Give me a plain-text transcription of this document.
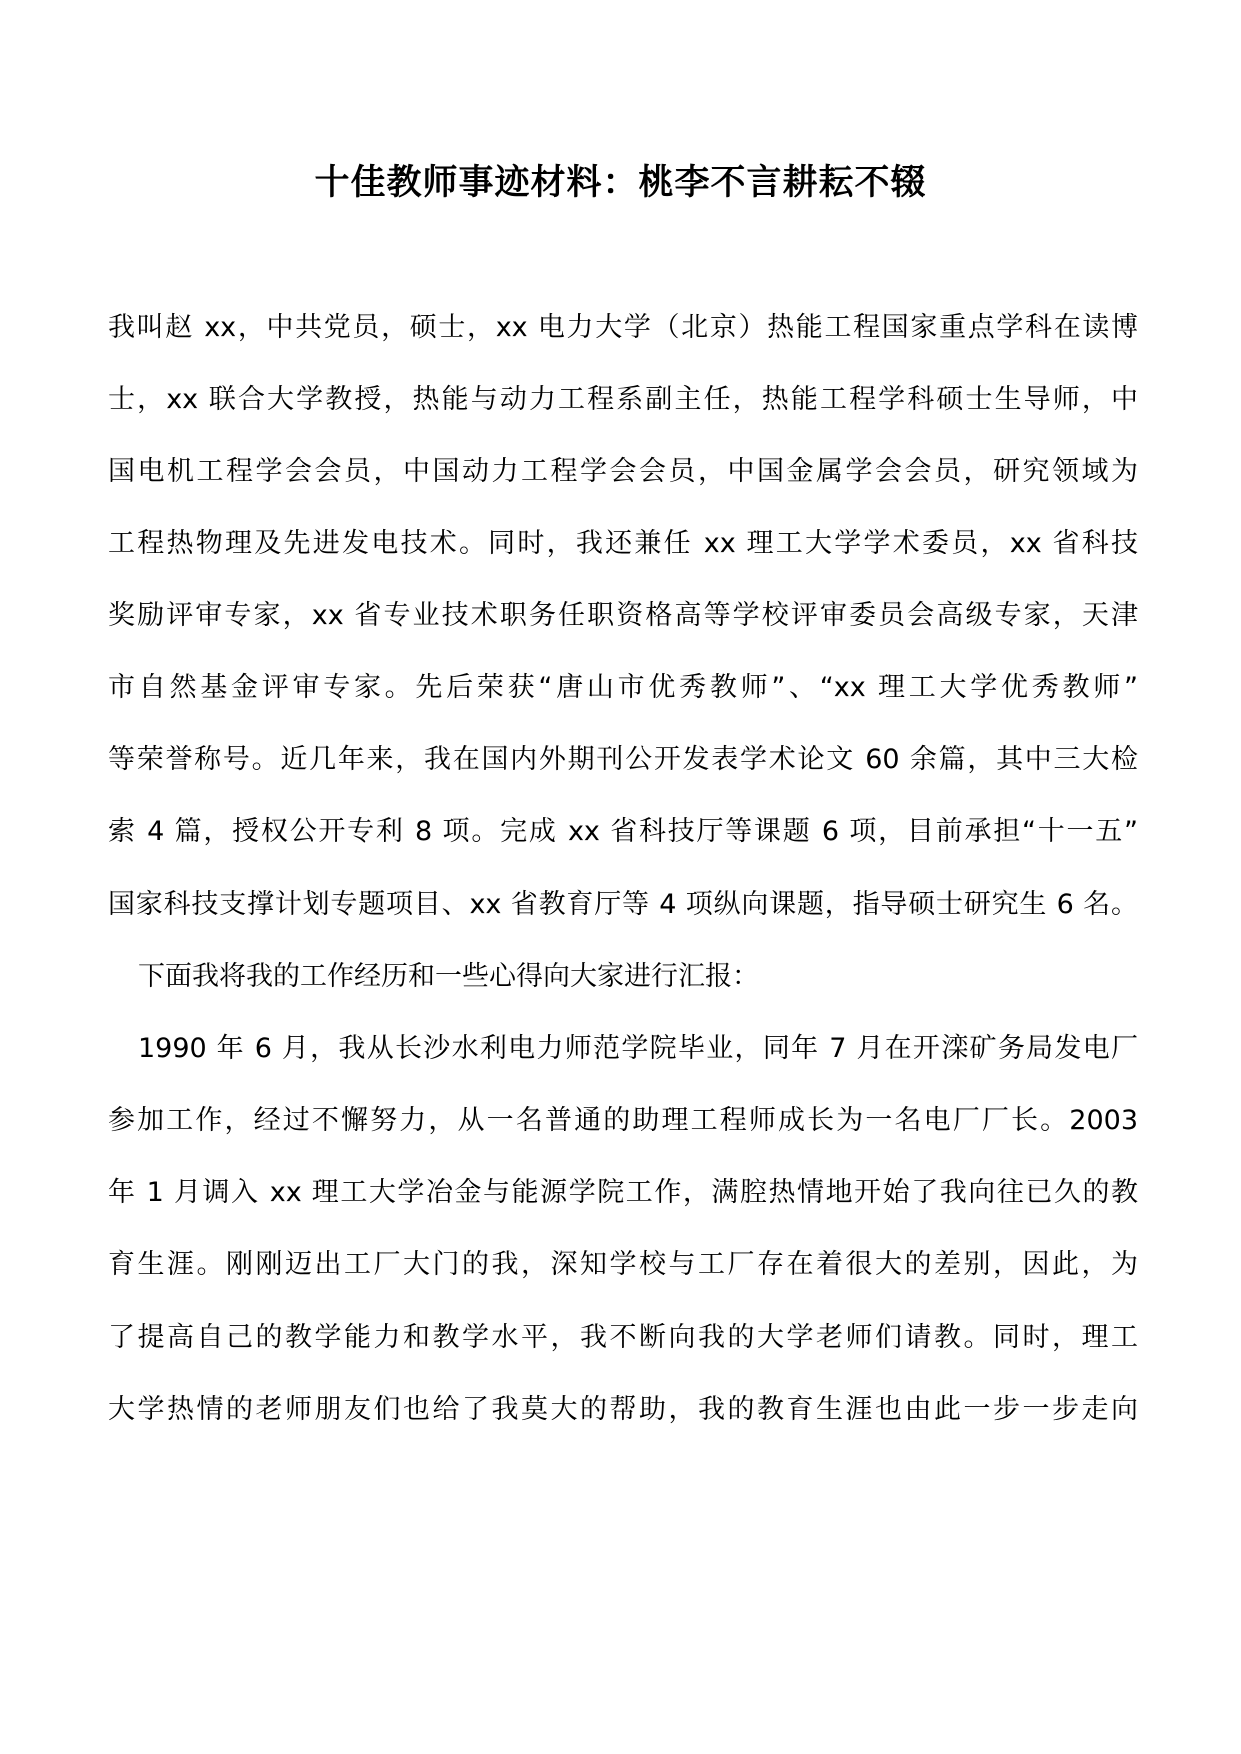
十佳教师事迹材料：桃李不言耕耘不辍
我叫赵 xx，中共党员，硕士，xx 电力大学（北京）热能工程国家重点学科在读博
士，xx 联合大学教授，热能与动力工程系副主任，热能工程学科硕士生导师，中
国电机工程学会会员，中国动力工程学会会员，中国金属学会会员，研究领域为
工程热物理及先进发电技术。同时，我还兼任 xx 理工大学学术委员，xx 省科技
奖励评审专家，xx 省专业技术职务任职资格高等学校评审委员会高级专家，天津
市自然基金评审专家。先后荣获“唐山市优秀教师”、“xx 理工大学优秀教师”
等荣誉称号。近几年来，我在国内外期刊公开发表学术论文 60 余篇，其中三大检
索 4 篇，授权公开专利 8 项。完成 xx 省科技厅等课题 6 项，目前承担“十一五”
国家科技支撑计划专题项目、xx 省教育厅等 4 项纵向课题，指导硕士研究生 6 名。
下面我将我的工作经历和一些心得向大家进行汇报：
1990 年 6 月，我从长沙水利电力师范学院毕业，同年 7 月在开滦矿务局发电厂
参加工作，经过不懈努力，从一名普通的助理工程师成长为一名电厂厂长。2003
年 1 月调入 xx 理工大学冶金与能源学院工作，满腔热情地开始了我向往已久的教
育生涯。刚刚迈出工厂大门的我，深知学校与工厂存在着很大的差别，因此，为
了提高自己的教学能力和教学水平，我不断向我的大学老师们请教。同时，理工
大学热情的老师朋友们也给了我莫大的帮助，我的教育生涯也由此一步一步走向
